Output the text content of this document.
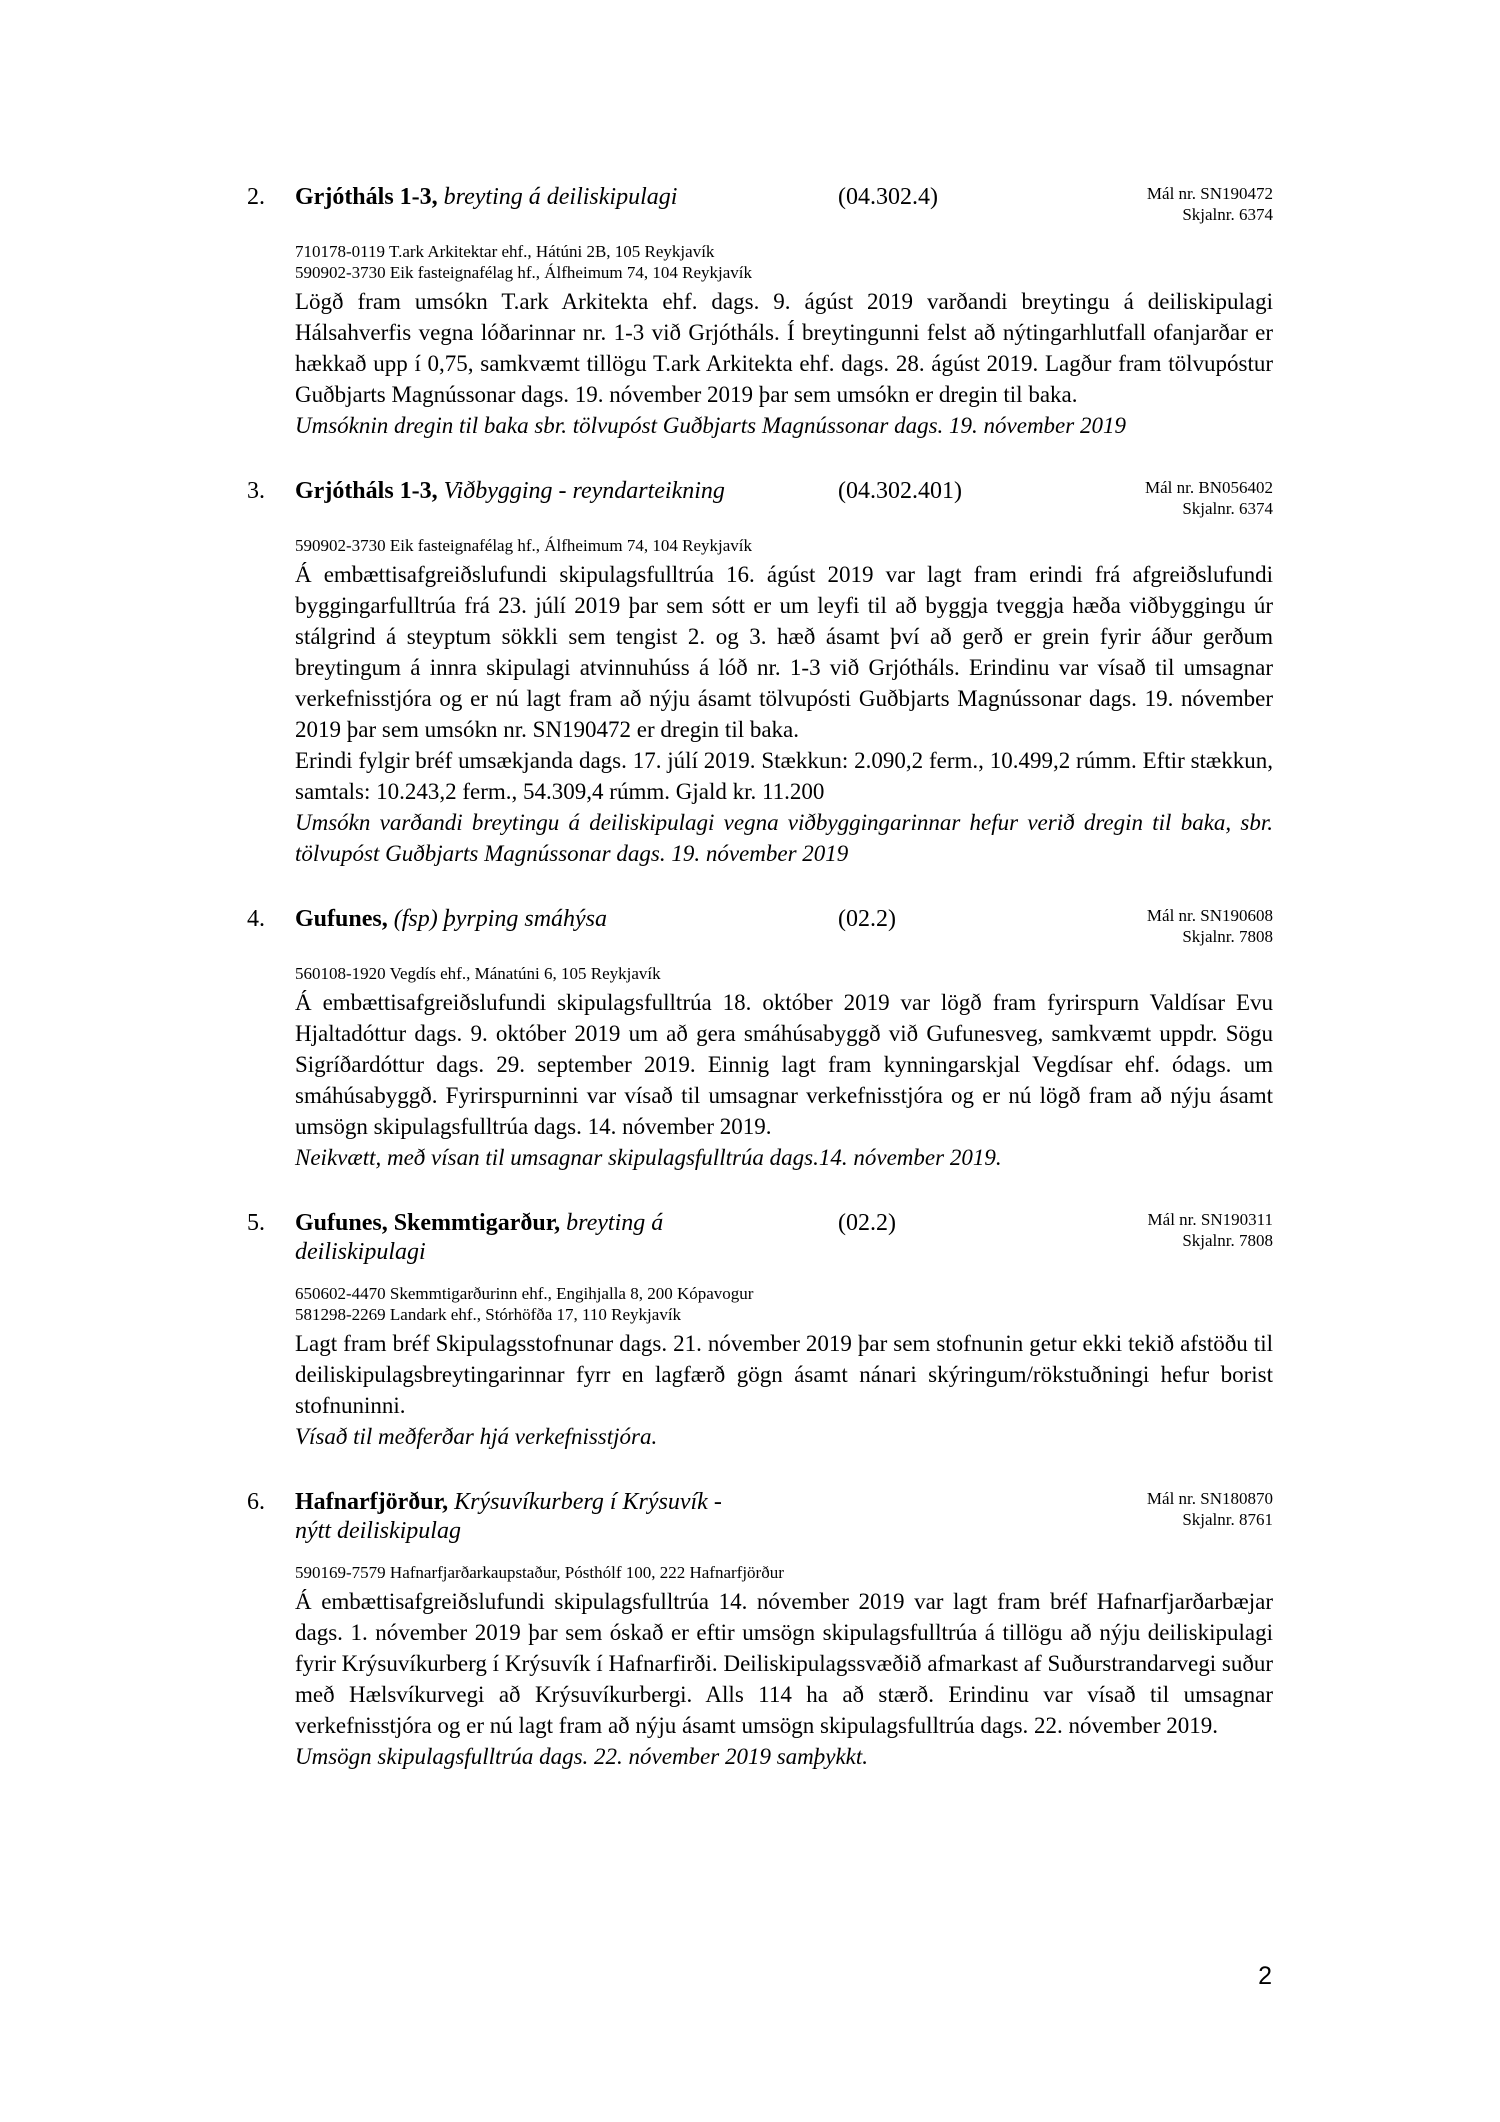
2.	Grjótháls 1-3, breyting á deiliskipulagi	(04.302.4)	Mál nr. SN190472
Skjalnr. 6374
710178-0119 T.ark Arkitektar ehf., Hátúni 2B, 105 Reykjavík
590902-3730 Eik fasteignafélag hf., Álfheimum 74, 104 Reykjavík

Lögð fram umsókn T.ark Arkitekta ehf. dags. 9. ágúst 2019 varðandi breytingu á deiliskipulagi Hálsahverfis vegna lóðarinnar nr. 1-3 við Grjótháls. Í breytingunni felst að nýtingarhlutfall ofanjarðar er hækkað upp í 0,75, samkvæmt tillögu T.ark Arkitekta ehf. dags. 28. ágúst 2019. Lagður fram tölvupóstur Guðbjarts Magnússonar dags. 19. nóvember 2019 þar sem umsókn er dregin til baka.

Umsóknin dregin til baka sbr. tölvupóst Guðbjarts Magnússonar dags. 19. nóvember 2019

3.	Grjótháls 1-3, Viðbygging - reyndarteikning	(04.302.401)	Mál nr. BN056402
Skjalnr. 6374
590902-3730 Eik fasteignafélag hf., Álfheimum 74, 104 Reykjavík

Á embættisafgreiðslufundi skipulagsfulltrúa 16. ágúst 2019 var lagt fram erindi frá afgreiðslufundi byggingarfulltrúa frá 23. júlí 2019 þar sem sótt er um leyfi til að byggja tveggja hæða viðbyggingu úr stálgrind á steyptum sökkli sem tengist 2. og 3. hæð ásamt því að gerð er grein fyrir áður gerðum breytingum á innra skipulagi atvinnuhúss á lóð nr. 1-3 við Grjótháls. Erindinu var vísað til umsagnar verkefnisstjóra og er nú lagt fram að nýju ásamt tölvupósti Guðbjarts Magnússonar dags. 19. nóvember 2019 þar sem umsókn nr. SN190472 er dregin til baka.

Erindi fylgir bréf umsækjanda dags. 17. júlí 2019. Stækkun: 2.090,2 ferm., 10.499,2 rúmm. Eftir stækkun, samtals: 10.243,2 ferm., 54.309,4 rúmm. Gjald kr. 11.200

Umsókn varðandi breytingu á deiliskipulagi vegna viðbyggingarinnar hefur verið dregin til baka, sbr. tölvupóst Guðbjarts Magnússonar dags. 19. nóvember 2019

4.	Gufunes, (fsp) þyrping smáhýsa	(02.2)	Mál nr. SN190608
Skjalnr. 7808
560108-1920 Vegdís ehf., Mánatúni 6, 105 Reykjavík

Á embættisafgreiðslufundi skipulagsfulltrúa 18. október 2019 var lögð fram fyrirspurn Valdísar Evu Hjaltadóttur dags. 9. október 2019 um að gera smáhúsabyggð við Gufunesveg, samkvæmt uppdr. Sögu Sigríðardóttur dags. 29. september 2019. Einnig lagt fram kynningarskjal Vegdísar ehf. ódags. um smáhúsabyggð. Fyrirspurninni var vísað til umsagnar verkefnisstjóra og er nú lögð fram að nýju ásamt umsögn skipulagsfulltrúa dags. 14. nóvember 2019.

Neikvætt, með vísan til umsagnar skipulagsfulltrúa dags.14. nóvember 2019.

5.	Gufunes, Skemmtigarður, breyting á
deiliskipulagi
(02.2)	Mál nr. SN190311
Skjalnr. 7808
650602-4470 Skemmtigarðurinn ehf., Engihjalla 8, 200 Kópavogur
581298-2269 Landark ehf., Stórhöfða 17, 110 Reykjavík

Lagt fram bréf Skipulagsstofnunar dags. 21. nóvember 2019 þar sem stofnunin getur ekki tekið afstöðu til deiliskipulagsbreytingarinnar fyrr en lagfærð gögn ásamt nánari skýringum/rökstuðningi hefur borist stofnuninni.

Vísað til meðferðar hjá verkefnisstjóra.

6.	Hafnarfjörður, Krýsuvíkurberg í Krýsuvík -
nýtt deiliskipulag
Mál nr. SN180870
Skjalnr. 8761
590169-7579 Hafnarfjarðarkaupstaður, Pósthólf 100, 222 Hafnarfjörður

Á embættisafgreiðslufundi skipulagsfulltrúa 14. nóvember 2019 var lagt fram bréf Hafnarfjarðarbæjar dags. 1. nóvember 2019 þar sem óskað er eftir umsögn skipulagsfulltrúa á tillögu að nýju deiliskipulagi fyrir Krýsuvíkurberg í Krýsuvík í Hafnarfirði. Deiliskipulagssvæðið afmarkast af Suðurstrandarvegi suður með Hælsvíkurvegi að Krýsuvíkurbergi. Alls 114 ha að stærð. Erindinu var vísað til umsagnar verkefnisstjóra og er nú lagt fram að nýju ásamt umsögn skipulagsfulltrúa dags. 22. nóvember 2019.

Umsögn skipulagsfulltrúa dags. 22. nóvember 2019 samþykkt.

2
